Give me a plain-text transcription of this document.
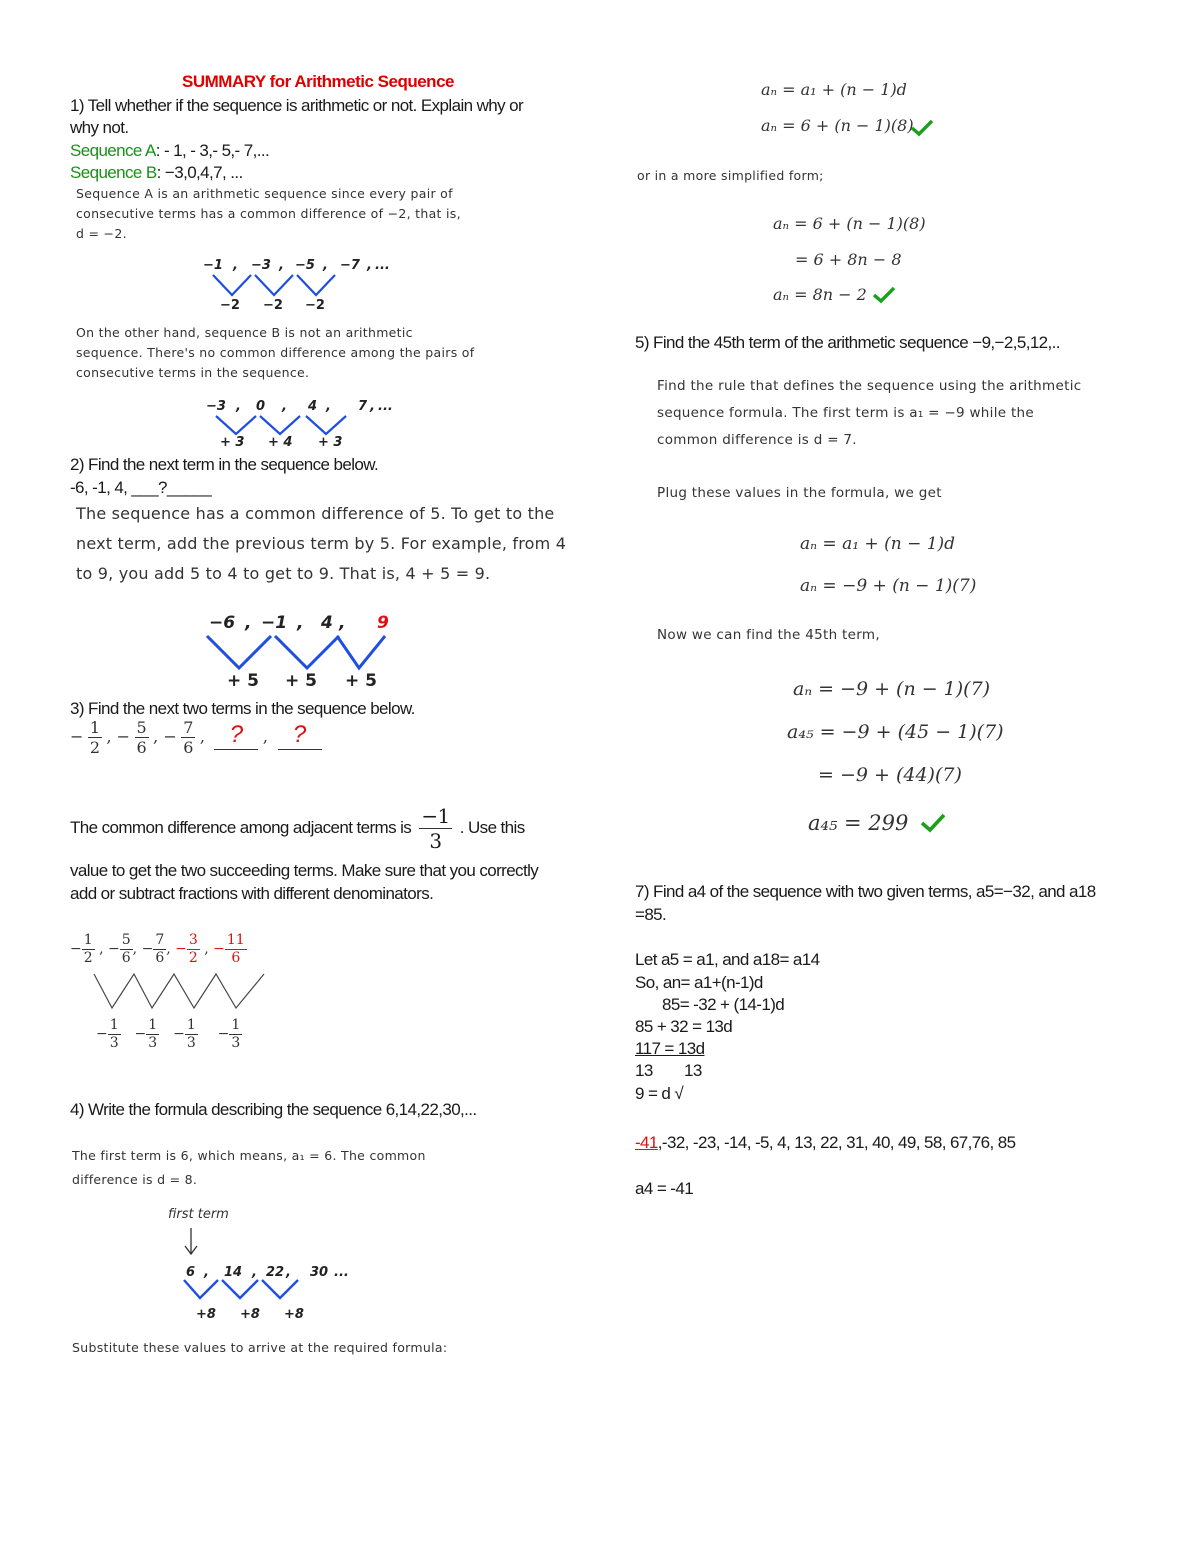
SUMMARY for Arithmetic Sequence
1) Tell whether if the sequence is arithmetic or not. Explain why or
why not.
Sequence A: - 1, - 3,- 5,- 7,...
Sequence B: −3,0,4,7, ...
Sequence A is an arithmetic sequence since every pair of
consecutive terms has a common difference of −2, that is,
d = −2.
−1 , −3 , −5 , −7 , ...
−2 −2 −2
On the other hand, sequence B is not an arithmetic
sequence. There's no common difference among the pairs of
consecutive terms in the sequence.
−3 , 0 , 4 , 7 , ...
+ 3 + 4 + 3
2) Find the next term in the sequence below.
-6, -1, 4, ___?_____
The sequence has a common difference of 5. To get to the
next term, add the previous term by 5. For example, from 4
to 9, you add 5 to 4 to get to 9. That is, 4 + 5 = 9.
−6 , −1 , 4 , 9
+ 5 + 5 + 5
3) Find the next two terms in the sequence below.
− $\frac{1}{2}$ , − $\frac{5}{6}$ , − $\frac{7}{6}$ ,  ? ,  ?
The common difference among adjacent terms is $\frac{-1}{3}$ . Use this
value to get the two succeeding terms. Make sure that you correctly
add or subtract fractions with different denominators.
− $\frac{1}{2}$ , − $\frac{5}{6}$ , − $\frac{7}{6}$ , − $\frac{3}{2}$ , − $\frac{11}{6}$
− $\frac{1}{3} - \frac{1}{3} - \frac{1}{3} - \frac{1}{3}$
4) Write the formula describing the sequence 6,14,22,30,...
The first term is 6, which means, a₁ = 6. The common
difference is d = 8.
first term
6 , 14 , 22 , 30 ...
+8 +8 +8
Substitute these values to arrive at the required formula:
aₙ = a₁ + (n − 1)d
aₙ = 6 + (n − 1)(8)
or in a more simplified form;
aₙ = 6 + (n − 1)(8)
= 6 + 8n − 8
aₙ = 8n − 2
5) Find the 45th term of the arithmetic sequence −9,−2,5,12,..
Find the rule that defines the sequence using the arithmetic
sequence formula. The first term is a₁ = −9 while the
common difference is d = 7.
Plug these values in the formula, we get
aₙ = a₁ + (n − 1)d
aₙ = −9 + (n − 1)(7)
Now we can find the 45th term,
aₙ = −9 + (n − 1)(7)
a₄₅ = −9 + (45 − 1)(7)
= −9 + (44)(7)
a₄₅ = 299
7) Find a4 of the sequence with two given terms, a5=−32, and a18
=85.
Let a5 = a1, and a18= a14
So, an= a1+(n-1)d
85= -32 + (14-1)d
85 + 32 = 13d
117 = 13d
13 13
9 = d √
-41,-32, -23, -14, -5, 4, 13, 22, 31, 40, 49, 58, 67,76, 85
a4 = -41
